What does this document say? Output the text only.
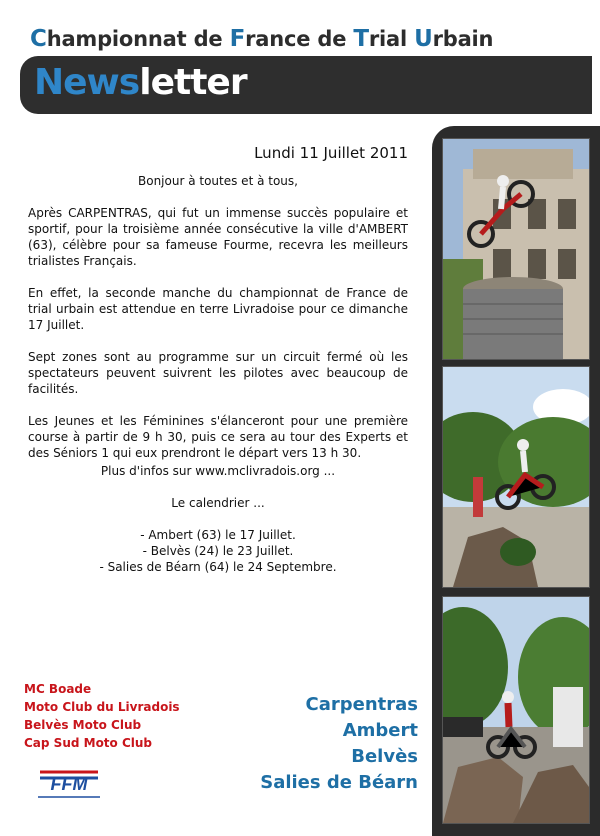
Championnat de France de Trial Urbain
Newsletter
Lundi 11 Juillet 2011

Bonjour à toutes et à tous,

Après CARPENTRAS, qui fut un immense succès populaire et sportif, pour la troisième année consécutive la ville d'AMBERT (63), célèbre pour sa fameuse Fourme, recevra les meilleurs trialistes Français.

En effet, la seconde manche du championnat de France de trial urbain est attendue en terre Livradoise pour ce dimanche 17 Juillet.

Sept zones sont au programme sur un circuit fermé où les spectateurs peuvent suivrent les pilotes avec beaucoup de facilités.

Les Jeunes et les Féminines s'élanceront pour une première course à partir de 9 h 30, puis ce sera au tour des Experts et des Séniors 1 qui eux prendront le départ vers 13 h 30.

Plus d'infos sur www.mclivradois.org ...
Le calendrier ...
- Ambert (63) le 17 Juillet.
- Belvès (24) le 23 Juillet.
- Salies de Béarn (64) le 24 Septembre.
MC Boade
Moto Club du Livradois
Belvès Moto Club
Cap Sud Moto Club
FFM
Carpentras
Ambert
Belvès
Salies de Béarn
